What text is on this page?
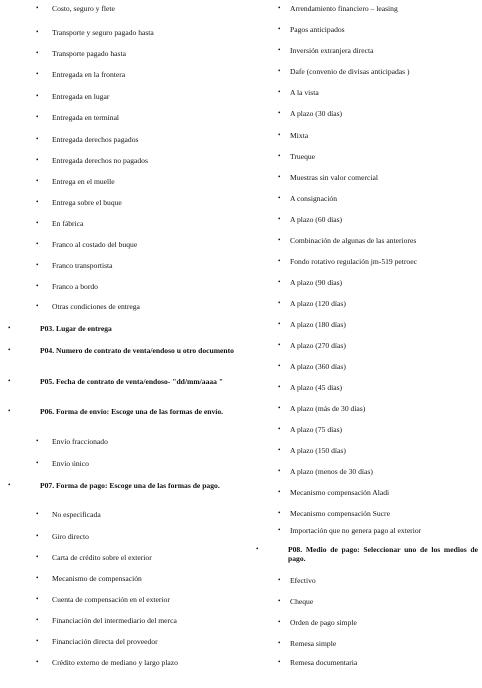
• Costo, seguro y flete
• Transporte y seguro pagado hasta
• Transporte pagado hasta
• Entregada en la frontera
• Entregada en lugar
• Entregada en terminal
• Entregada derechos pagados
• Entregada derechos no pagados
• Entrega en el muelle
• Entrega sobre el buque
• En fábrica
• Franco al costado del buque
• Franco transportista
• Franco a bordo
• Otras condiciones de entrega
•	P03. Lugar de entrega
•	P04. Numero de contrato de venta/endoso u otro documento
•	P05. Fecha de contrato de venta/endoso- "dd/mm/aaaa "
•	P06. Forma de envío: Escoge una de las formas de envío.
• Envío fraccionado
• Envío único
•	P07. Forma de pago: Escoge una de las formas de pago.
• No especificada
• Giro directo
• Carta de crédito sobre el exterior
• Mecanismo de compensación
• Cuenta de compensación en el exterior
• Financiación del intermediario del merca
• Financiación directa del proveedor
• Crédito externo de mediano y largo plazo
• Arrendamiento financiero – leasing
• Pagos anticipados
• Inversión extranjera directa
• Dafe (convenio de divisas anticipadas )
• A la vista
• A plazo (30 días)
• Mixta
• Trueque
• Muestras sin valor comercial
• A consignación
• A plazo (60 días)
• Combinación de algunas de las anteriores
• Fondo rotativo regulación jm-519 petroec
• A plazo (90 días)
• A plazo (120 días)
• A plazo (180 días)
• A plazo (270 días)
• A plazo (360 días)
• A plazo (45 días)
• A plazo (más de 30 días)
• A plazo (75 días)
• A plazo (150 días)
• A plazo (menos de 30 días)
• Mecanismo compensación Aladi
• Mecanismo compensación Sucre
• Importación que no genera pago al exterior
•	P08. Medio de pago: Seleccionar uno de los medios de pago.
• Efectivo
• Cheque
• Orden de pago simple
• Remesa simple
• Remesa documentaria
